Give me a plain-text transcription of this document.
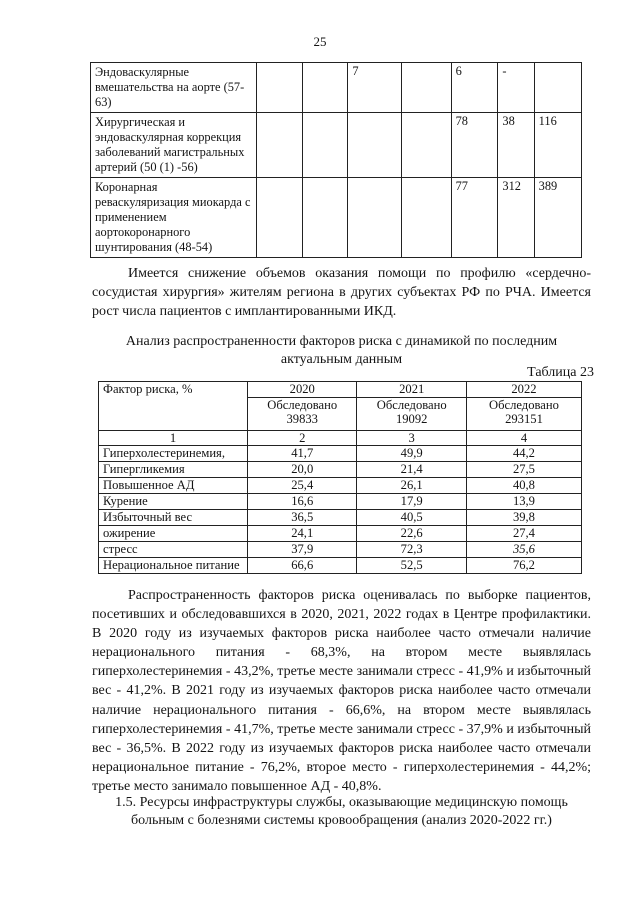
25
Эндоваскулярные вмешательства на аорте (57-63)			7		6	-	
Хирургическая и эндоваскулярная коррекция заболеваний магистральных артерий (50 (1) -56)					78	38	116
Коронарная реваскуляризация миокарда с применением аортокоронарного шунтирования (48-54)					77	312	389

Имеется снижение объемов оказания помощи по профилю «сердечно-сосудистая хирургия» жителям региона в других субъектах РФ по РЧА. Имеется рост числа пациентов с имплантированными ИКД.

Анализ распространенности факторов риска с динамикой по последним актуальным данным

Таблица 23
Фактор риска, %	2020	2021	2022
	Обследовано 39833	Обследовано 19092	Обследовано 293151
1	2	3	4
Гиперхолестеринемия,	41,7	49,9	44,2
Гипергликемия	20,0	21,4	27,5
Повышенное АД	25,4	26,1	40,8
Курение	16,6	17,9	13,9
Избыточный вес	36,5	40,5	39,8
ожирение	24,1	22,6	27,4
стресс	37,9	72,3	35,6
Нерациональное питание	66,6	52,5	76,2

Распространенность факторов риска оценивалась по выборке пациентов, посетивших и обследовавшихся в 2020, 2021, 2022 годах в Центре профилактики. В 2020 году из изучаемых факторов риска наиболее часто отмечали наличие нерационального питания - 68,3%, на втором месте выявлялась гиперхолестеринемия - 43,2%, третье месте занимали стресс - 41,9% и избыточный вес - 41,2%. В 2021 году из изучаемых факторов риска наиболее часто отмечали наличие нерационального питания - 66,6%, на втором месте выявлялась гиперхолестеринемия - 41,7%, третье месте занимали стресс - 37,9% и избыточный вес - 36,5%. В 2022 году из изучаемых факторов риска наиболее часто отмечали нерациональное питание - 76,2%, второе место - гиперхолестеринемия - 44,2%; третье место занимало повышенное АД - 40,8%.

1.5. Ресурсы инфраструктуры службы, оказывающие медицинскую помощь больным с болезнями системы кровообращения (анализ 2020-2022 гг.)
